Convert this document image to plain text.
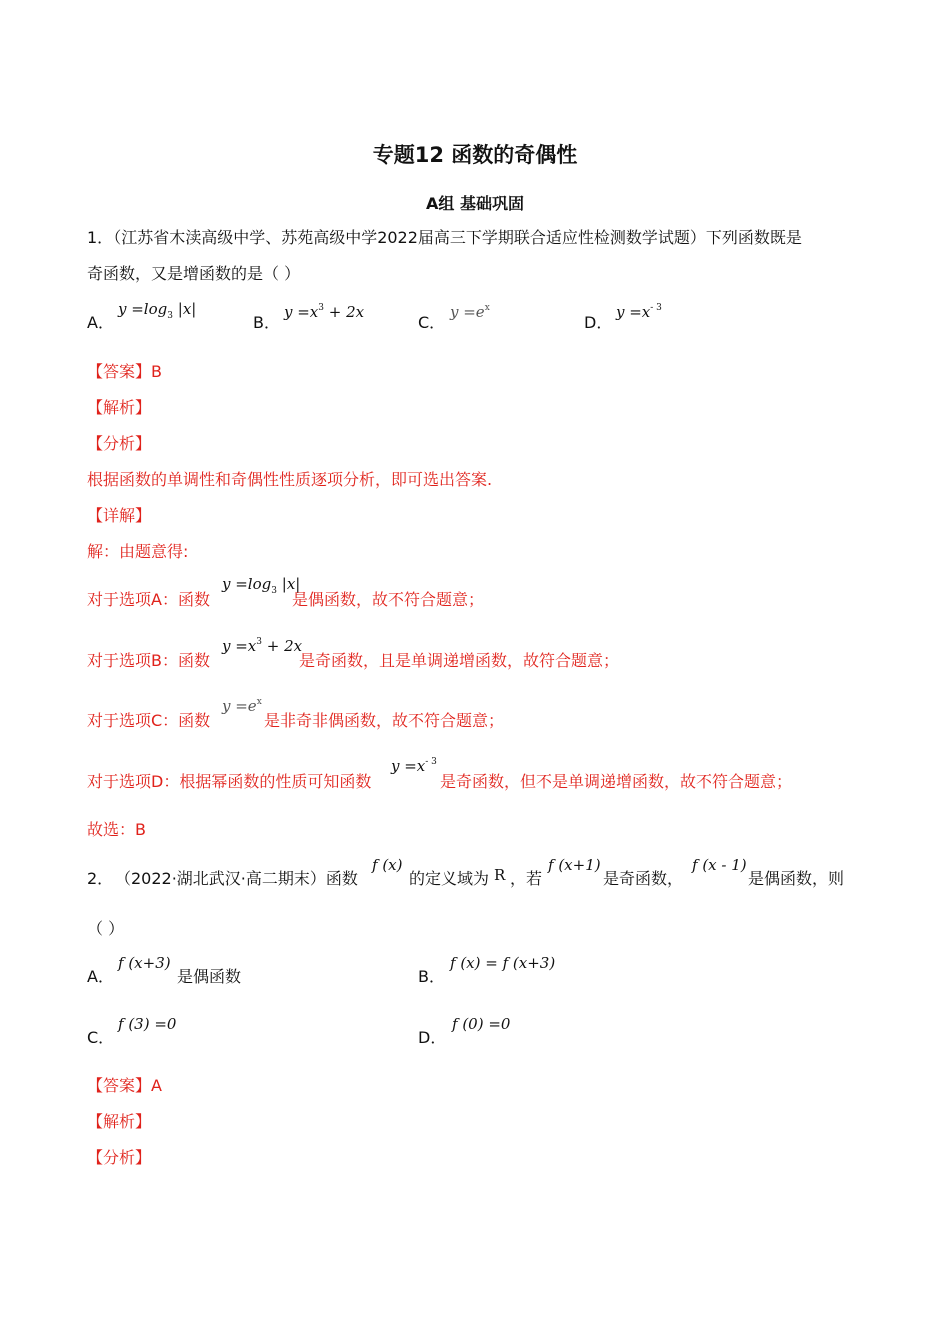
专题12 函数的奇偶性
A组 基础巩固
1．（江苏省木渎高级中学、苏苑高级中学2022届高三下学期联合适应性检测数学试题）下列函数既是
奇函数，又是增函数的是（ ）
A．
$y =\log_3$ |x|
B．
$y =x^3 + 2x$
C．
$y =e^x$
D．
$y =x^{- 3}$
【答案】B
【解析】
【分析】
根据函数的单调性和奇偶性性质逐项分析，即可选出答案.
【详解】
解：由题意得:
对于选项A：函数
$y =\log_3$ |x|
是偶函数，故不符合题意；
对于选项B：函数
$y =x^3 + 2x$
是奇函数，且是单调递增函数，故符合题意；
对于选项C：函数
$y =e^x$
是非奇非偶函数，故不符合题意；
对于选项D：根据幂函数的性质可知函数
$y =x^{- 3}$
是奇函数，但不是单调递增函数，故不符合题意；
故选：B
2． （2022·湖北武汉·高二期末）函数
f (x)
的定义域为 R ，若
f (x+1)
是奇函数，
f (x - 1)
是偶函数，则
（ ）
A．
f (x+3)
是偶函数	B．
f (x) = f (x+3)
C．
f (3) =0
D．
f (0) =0
【答案】A
【解析】
【分析】
